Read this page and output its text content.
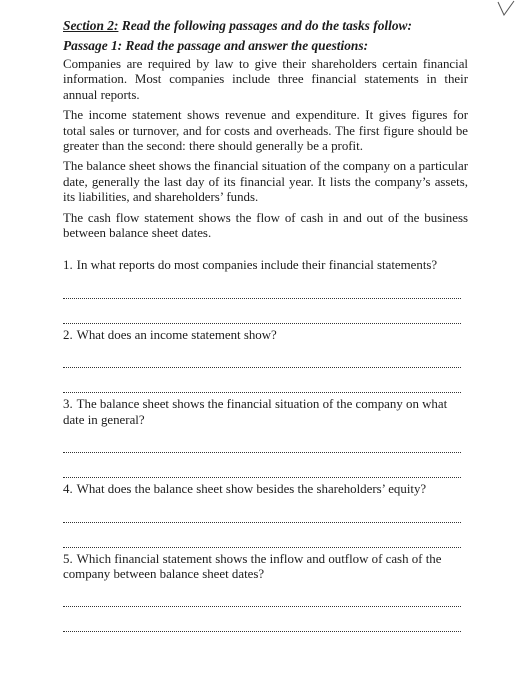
Section 2: Read the following passages and do the tasks follow:
Passage 1: Read the passage and answer the questions:

Companies are required by law to give their shareholders certain financial information. Most companies include three financial statements in their annual reports.

The income statement shows revenue and expenditure. It gives figures for total sales or turnover, and for costs and overheads. The first figure should be greater than the second: there should generally be a profit.

The balance sheet shows the financial situation of the company on a particular date, generally the last day of its financial year. It lists the company’s assets, its liabilities, and shareholders’ funds.

The cash flow statement shows the flow of cash in and out of the business between balance sheet dates.

1. In what reports do most companies include their financial statements?
2. What does an income statement show?
3. The balance sheet shows the financial situation of the company on what date in general?
4. What does the balance sheet show besides the shareholders’ equity?
5. Which financial statement shows the inflow and outflow of cash of the company between balance sheet dates?
